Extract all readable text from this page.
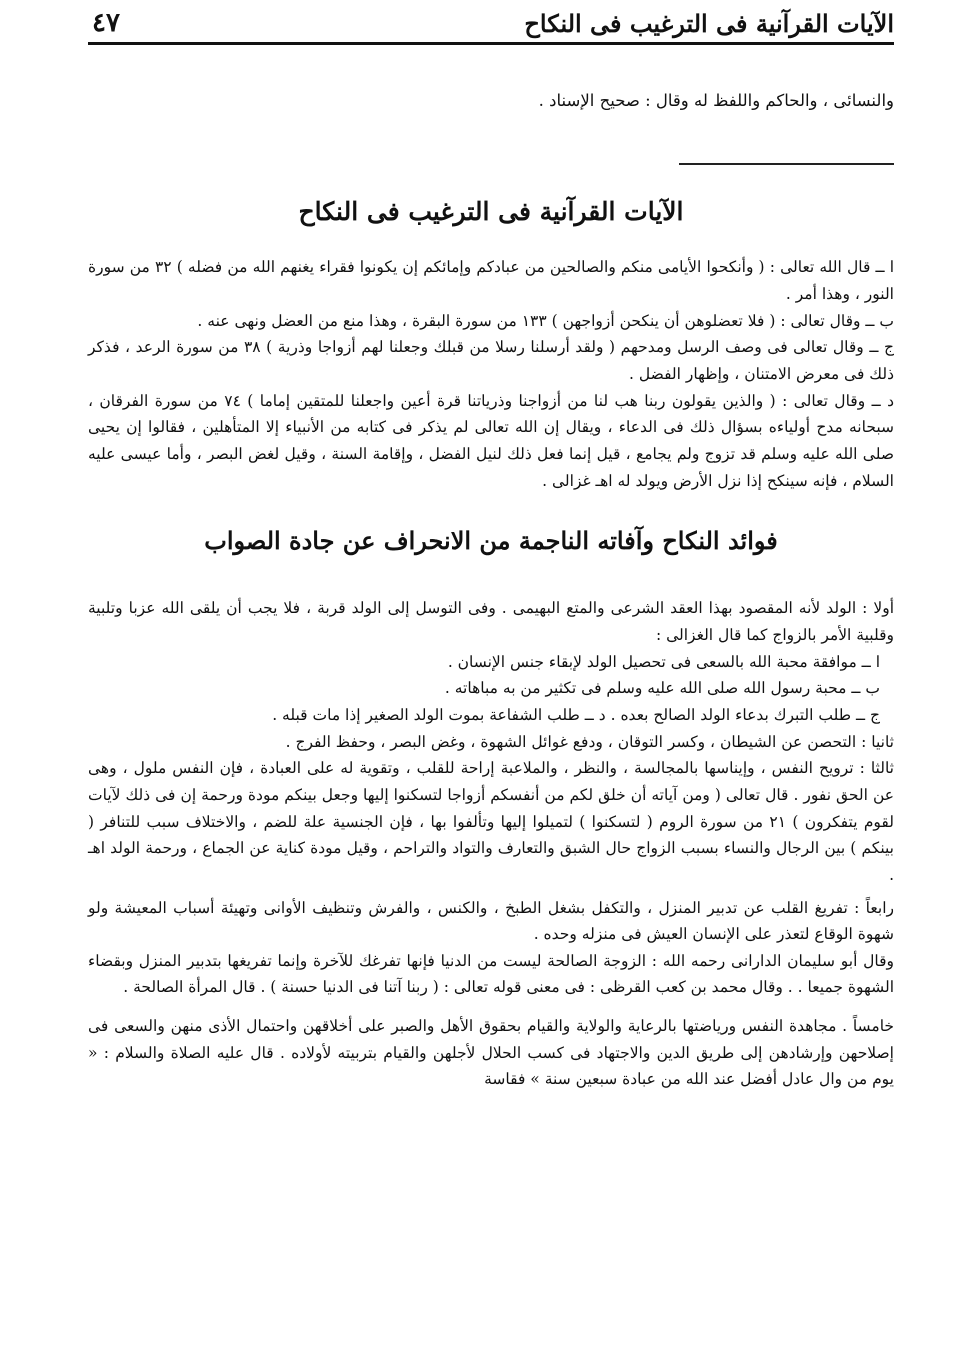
الآيات القرآنية فى الترغيب فى النكاح
٤٧

والنسائى ، والحاكم واللفظ له وقال : صحيح الإسناد .

الآيات القرآنية فى الترغيب فى النكاح

ا ــ قال الله تعالى : ( وأنكحوا الأيامى منكم والصالحين من عبادكم وإمائكم إن يكونوا فقراء يغنهم الله من فضله ) ٣٢ من سورة النور ، وهذا أمر .

ب ــ وقال تعالى : ( فلا تعضلوهن أن ينكحن أزواجهن ) ١٣٣ من سورة البقرة ، وهذا منع من العضل ونهى عنه .

ج ــ وقال تعالى فى وصف الرسل ومدحهم ( ولقد أرسلنا رسلا من قبلك وجعلنا لهم أزواجا وذرية ) ٣٨ من سورة الرعد ، فذكر ذلك فى معرض الامتنان ، وإظهار الفضل .

د ــ وقال تعالى : ( والذين يقولون ربنا هب لنا من أزواجنا وذرياتنا قرة أعين واجعلنا للمتقين إماما ) ٧٤ من سورة الفرقان ، سبحانه مدح أولياءه بسؤال ذلك فى الدعاء ، ويقال إن الله تعالى لم يذكر فى كتابه من الأنبياء إلا المتأهلين ، فقالوا إن يحيى صلى الله عليه وسلم قد تزوج ولم يجامع ، قيل إنما فعل ذلك لنيل الفضل ، وإقامة السنة ، وقيل لغض البصر ، وأما عيسى عليه السلام ، فإنه سينكح إذا نزل الأرض ويولد له اهـ غزالى .

فوائد النكاح وآفاته الناجمة من الانحراف عن جادة الصواب

أولا : الولد لأنه المقصود بهذا العقد الشرعى والمتع البهيمى . وفى التوسل إلى الولد قربة ، فلا يجب أن يلقى الله عزبا وتلبية وقلبية الأمر بالزواج كما قال الغزالى :

ا ــ موافقة محبة الله بالسعى فى تحصيل الولد لإبقاء جنس الإنسان .

ب ــ محبة رسول الله صلى الله عليه وسلم فى تكثير من به مباهاته .

ج ــ طلب التبرك بدعاء الولد الصالح بعده . د ــ طلب الشفاعة بموت الولد الصغير إذا مات قبله .

ثانيا : التحصن عن الشيطان ، وكسر التوقان ، ودفع غوائل الشهوة ، وغض البصر ، وحفظ الفرج .

ثالثا : ترويح النفس ، وإيناسها بالمجالسة ، والنظر ، والملاعبة إراحة للقلب ، وتقوية له على العبادة ، فإن النفس ملول ، وهى عن الحق نفور . قال تعالى ( ومن آياته أن خلق لكم من أنفسكم أزواجا لتسكنوا إليها وجعل بينكم مودة ورحمة إن فى ذلك لآيات لقوم يتفكرون ) ٢١ من سورة الروم ( لتسكنوا ) لتميلوا إليها وتألفوا بها ، فإن الجنسية علة للضم ، والاختلاف سبب للتنافر ( بينكم ) بين الرجال والنساء بسبب الزواج حال الشبق والتعارف والتواد والتراحم ، وقيل مودة كناية عن الجماع ، ورحمة الولد اهـ .

رابعاً : تفريغ القلب عن تدبير المنزل ، والتكفل بشغل الطبخ ، والكنس ، والفرش وتنظيف الأوانى وتهيئة أسباب المعيشة ولو شهوة الوقاع لتعذر على الإنسان العيش فى منزله وحده .

وقال أبو سليمان الدارانى رحمه الله : الزوجة الصالحة ليست من الدنيا فإنها تفرغك للآخرة وإنما تفريغها بتدبير المنزل وبقضاء الشهوة جميعا . . وقال محمد بن كعب القرظى : فى معنى قوله تعالى : ( ربنا آتنا فى الدنيا حسنة ) . قال المرأة الصالحة .

خامساً . مجاهدة النفس ورياضتها بالرعاية والولاية والقيام بحقوق الأهل والصبر على أخلاقهن واحتمال الأذى منهن والسعى فى إصلاحهن وإرشادهن إلى طريق الدين والاجتهاد فى كسب الحلال لأجلهن والقيام بتربيته لأولاده . قال عليه الصلاة والسلام : « يوم من وال عادل أفضل عند الله من عبادة سبعين سنة » فقاسة
